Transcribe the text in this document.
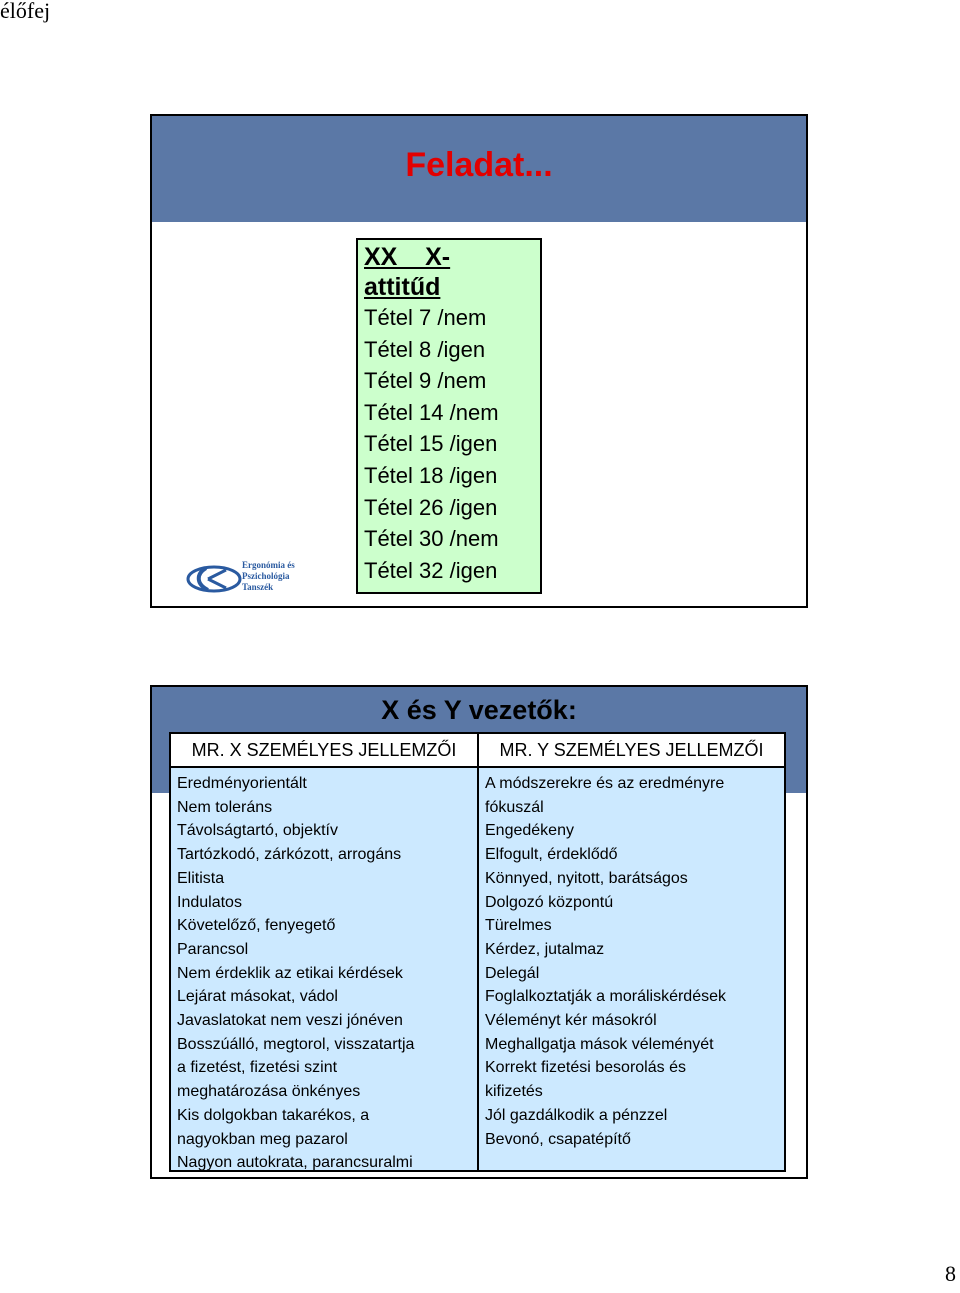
élőfej
Feladat...
XX    X-
attitűd
Tétel 7 /nem
Tétel 8 /igen
Tétel 9 /nem
Tétel 14 /nem
Tétel 15 /igen
Tétel 18 /igen
Tétel 26 /igen
Tétel 30 /nem
Tétel 32 /igen
Ergonómia és
Pszichológia
Tanszék
X és Y vezetők:
MR. X SZEMÉLYES JELLEMZŐI
Eredményorientált
Nem toleráns
Távolságtartó, objektív
Tartózkodó, zárkózott, arrogáns
Elitista
Indulatos
Követelőző, fenyegető
Parancsol
Nem érdeklik az etikai kérdések
Lejárat másokat, vádol
Javaslatokat nem veszi jónéven
Bosszúálló, megtorol, visszatartja
a fizetést, fizetési szint
meghatározása önkényes
Kis dolgokban takarékos, a
nagyokban meg pazarol
Nagyon autokrata, parancsuralmi
MR. Y SZEMÉLYES JELLEMZŐI
A módszerekre és az eredményre
fókuszál
Engedékeny
Elfogult, érdeklődő
Könnyed, nyitott, barátságos
Dolgozó központú
Türelmes
Kérdez, jutalmaz
Delegál
Foglalkoztatják a moráliskérdések
Véleményt kér másokról
Meghallgatja mások véleményét
Korrekt fizetési besorolás és
kifizetés
Jól gazdálkodik a pénzzel
Bevonó, csapatépítő
8
